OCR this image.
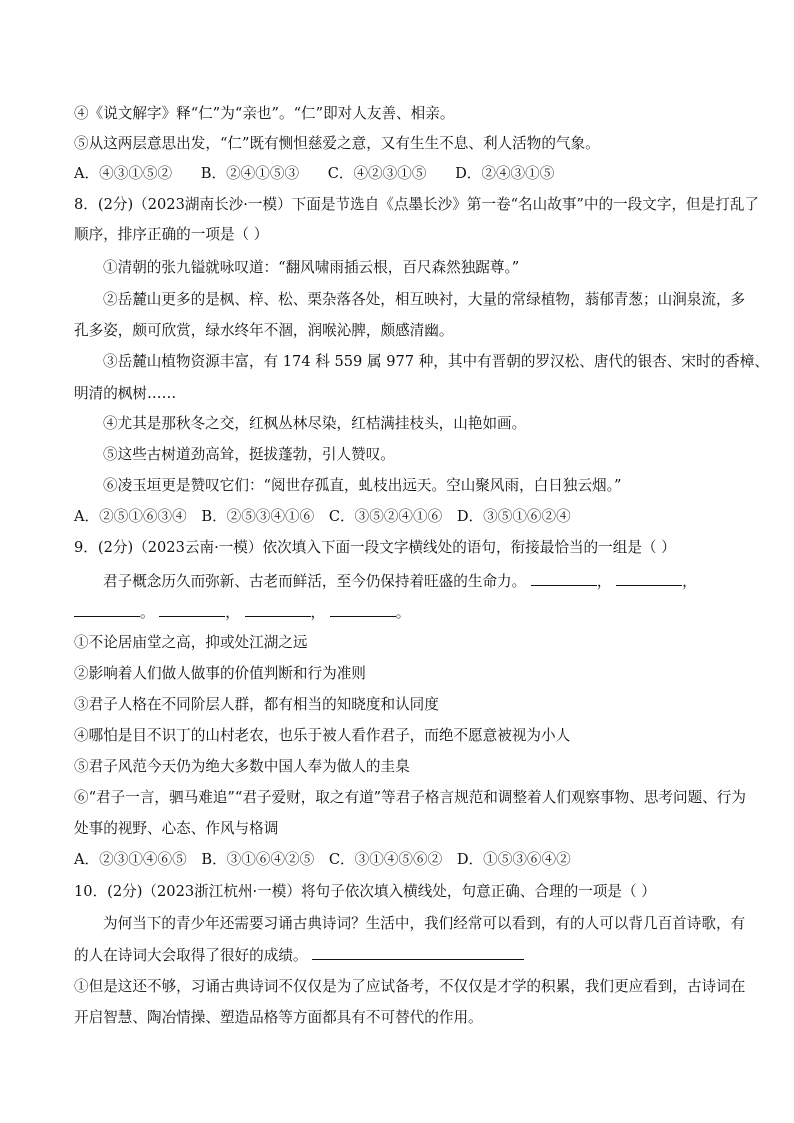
④《说文解字》释“仁”为“亲也”。“仁”即对人友善、相亲。
⑤从这两层意思出发，“仁”既有恻怛慈爱之意，又有生生不息、利人活物的气象。
A．④③①⑤② B．②④①⑤③ C．④②③①⑤ D．②④③①⑤
8．(2分)（2023湖南长沙·一模）下面是节选自《点墨长沙》第一卷“名山故事”中的一段文字，但是打乱了
顺序，排序正确的一项是（ ）
①清朝的张九镒就咏叹道：“翻风啸雨插云根，百尺森然独踞尊。”
②岳麓山更多的是枫、梓、松、栗杂落各处，相互映衬，大量的常绿植物，蓊郁青葱；山涧泉流，多
孔多姿，颇可欣赏，绿水终年不涸，润喉沁脾，颇感清幽。
③岳麓山植物资源丰富，有 174 科 559 属 977 种，其中有晋朝的罗汉松、唐代的银杏、宋时的香樟、
明清的枫树……
④尤其是那秋冬之交，红枫丛林尽染，红桔满挂枝头，山艳如画。
⑤这些古树道劲高耸，挺拔蓬勃，引人赞叹。
⑥凌玉垣更是赞叹它们：“阅世存孤直，虬枝出远天。空山聚风雨，白日独云烟。”
A．②⑤①⑥③④ B．②⑤③④①⑥ C．③⑤②④①⑥ D．③⑤①⑥②④
9．(2分)（2023云南·一模）依次填入下面一段文字横线处的语句，衔接最恰当的一组是（ ）
君子概念历久而弥新、古老而鲜活，至今仍保持着旺盛的生命力。	，	，
。	，	，	。
①不论居庙堂之高，抑或处江湖之远
②影响着人们做人做事的价值判断和行为准则
③君子人格在不同阶层人群，都有相当的知晓度和认同度
④哪怕是目不识丁的山村老农，也乐于被人看作君子，而绝不愿意被视为小人
⑤君子风范今天仍为绝大多数中国人奉为做人的圭臬
⑥“君子一言，驷马难追”“君子爱财，取之有道”等君子格言规范和调整着人们观察事物、思考问题、行为
处事的视野、心态、作风与格调
A．②③①④⑥⑤ B．③①⑥④②⑤ C．③①④⑤⑥② D．①⑤③⑥④②
10．(2分)（2023浙江杭州·一模）将句子依次填入横线处，句意正确、合理的一项是（ ）
为何当下的青少年还需要习诵古典诗词？生活中，我们经常可以看到，有的人可以背几百首诗歌，有
的人在诗词大会取得了很好的成绩。
①但是这还不够，习诵古典诗词不仅仅是为了应试备考，不仅仅是才学的积累，我们更应看到，古诗词在
开启智慧、陶冶情操、塑造品格等方面都具有不可替代的作用。
